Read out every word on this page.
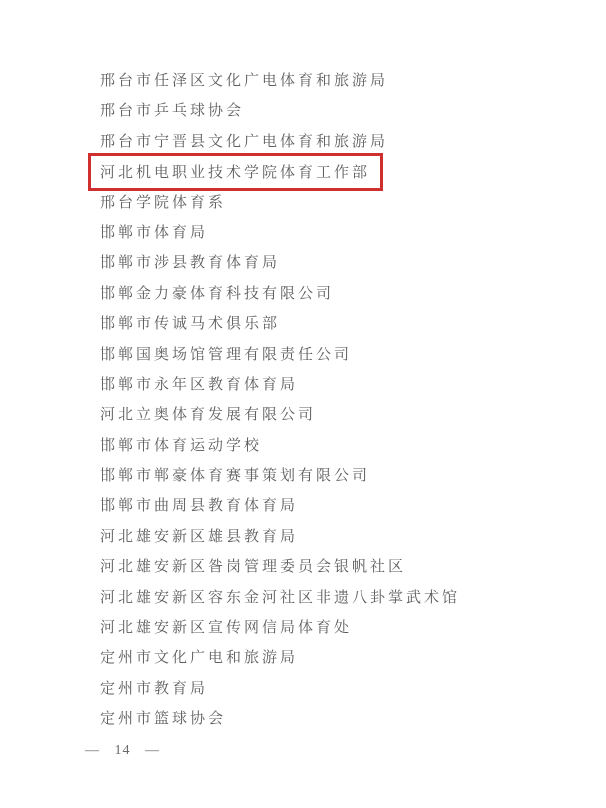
邢台市任泽区文化广电体育和旅游局
邢台市乒乓球协会
邢台市宁晋县文化广电体育和旅游局
河北机电职业技术学院体育工作部
邢台学院体育系
邯郸市体育局
邯郸市涉县教育体育局
邯郸金力豪体育科技有限公司
邯郸市传诚马术俱乐部
邯郸国奥场馆管理有限责任公司
邯郸市永年区教育体育局
河北立奥体育发展有限公司
邯郸市体育运动学校
邯郸市郸豪体育赛事策划有限公司
邯郸市曲周县教育体育局
河北雄安新区雄县教育局
河北雄安新区昝岗管理委员会银帆社区
河北雄安新区容东金河社区非遗八卦掌武术馆
河北雄安新区宣传网信局体育处
定州市文化广电和旅游局
定州市教育局
定州市篮球协会
— 14 —
